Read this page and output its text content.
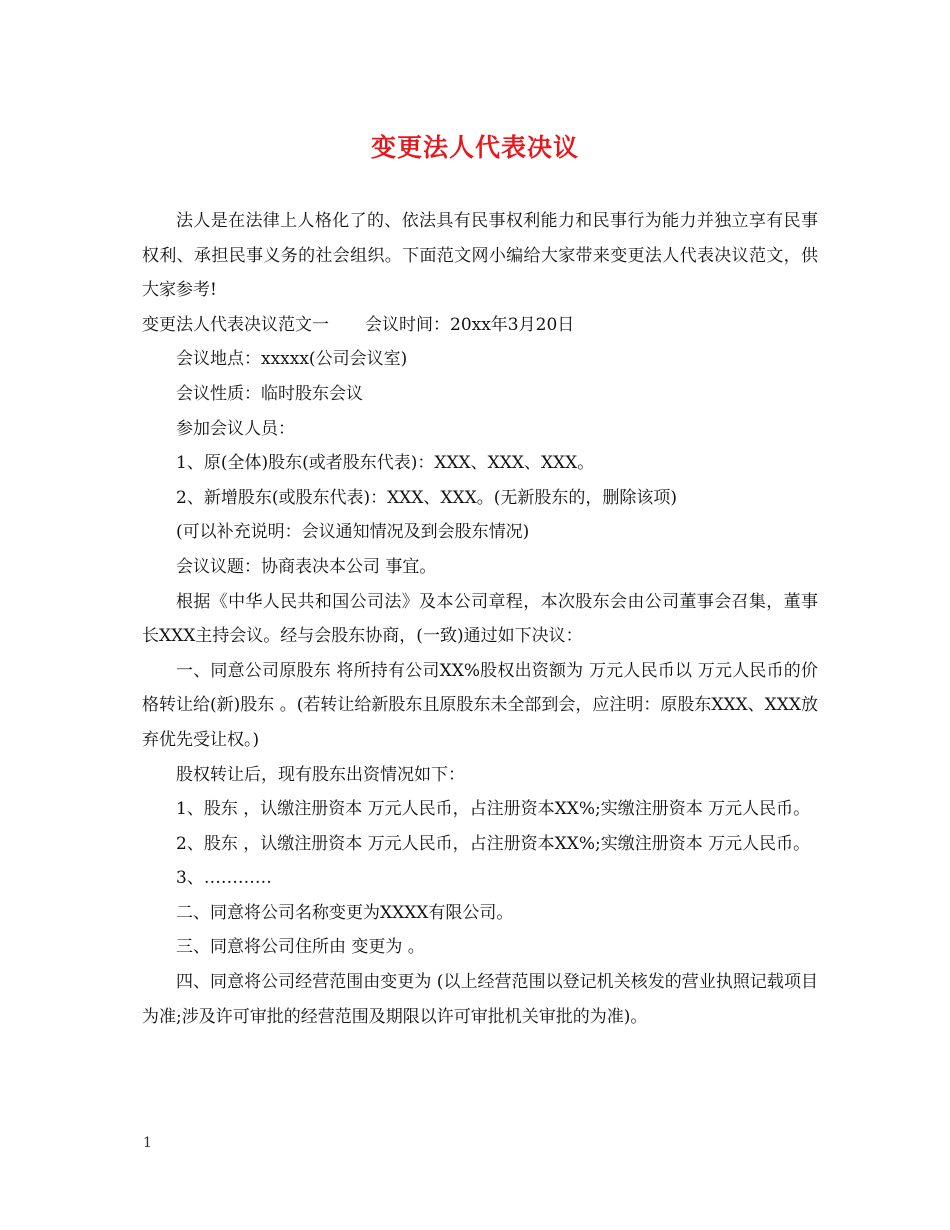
变更法人代表决议

法人是在法律上人格化了的、依法具有民事权利能力和民事行为能力并独立享有民事权利、承担民事义务的社会组织。下面范文网小编给大家带来变更法人代表决议范文，供大家参考!

变更法人代表决议范文一 会议时间：20xx年3月20日

会议地点：xxxxx(公司会议室)

会议性质：临时股东会议

参加会议人员：

1、原(全体)股东(或者股东代表)：XXX、XXX、XXX。

2、新增股东(或股东代表)：XXX、XXX。(无新股东的，删除该项)

(可以补充说明：会议通知情况及到会股东情况)

会议议题：协商表决本公司 事宜。

根据《中华人民共和国公司法》及本公司章程，本次股东会由公司董事会召集，董事长XXX主持会议。经与会股东协商，(一致)通过如下决议：

一、同意公司原股东 将所持有公司XX%股权出资额为 万元人民币以 万元人民币的价格转让给(新)股东 。(若转让给新股东且原股东未全部到会，应注明：原股东XXX、XXX放弃优先受让权。)

股权转让后，现有股东出资情况如下：

1、股东 ，认缴注册资本 万元人民币，占注册资本XX%;实缴注册资本 万元人民币。

2、股东 ，认缴注册资本 万元人民币，占注册资本XX%;实缴注册资本 万元人民币。

3、…………

二、同意将公司名称变更为XXXX有限公司。

三、同意将公司住所由 变更为 。

四、同意将公司经营范围由变更为 (以上经营范围以登记机关核发的营业执照记载项目为准;涉及许可审批的经营范围及期限以许可审批机关审批的为准)。

1
